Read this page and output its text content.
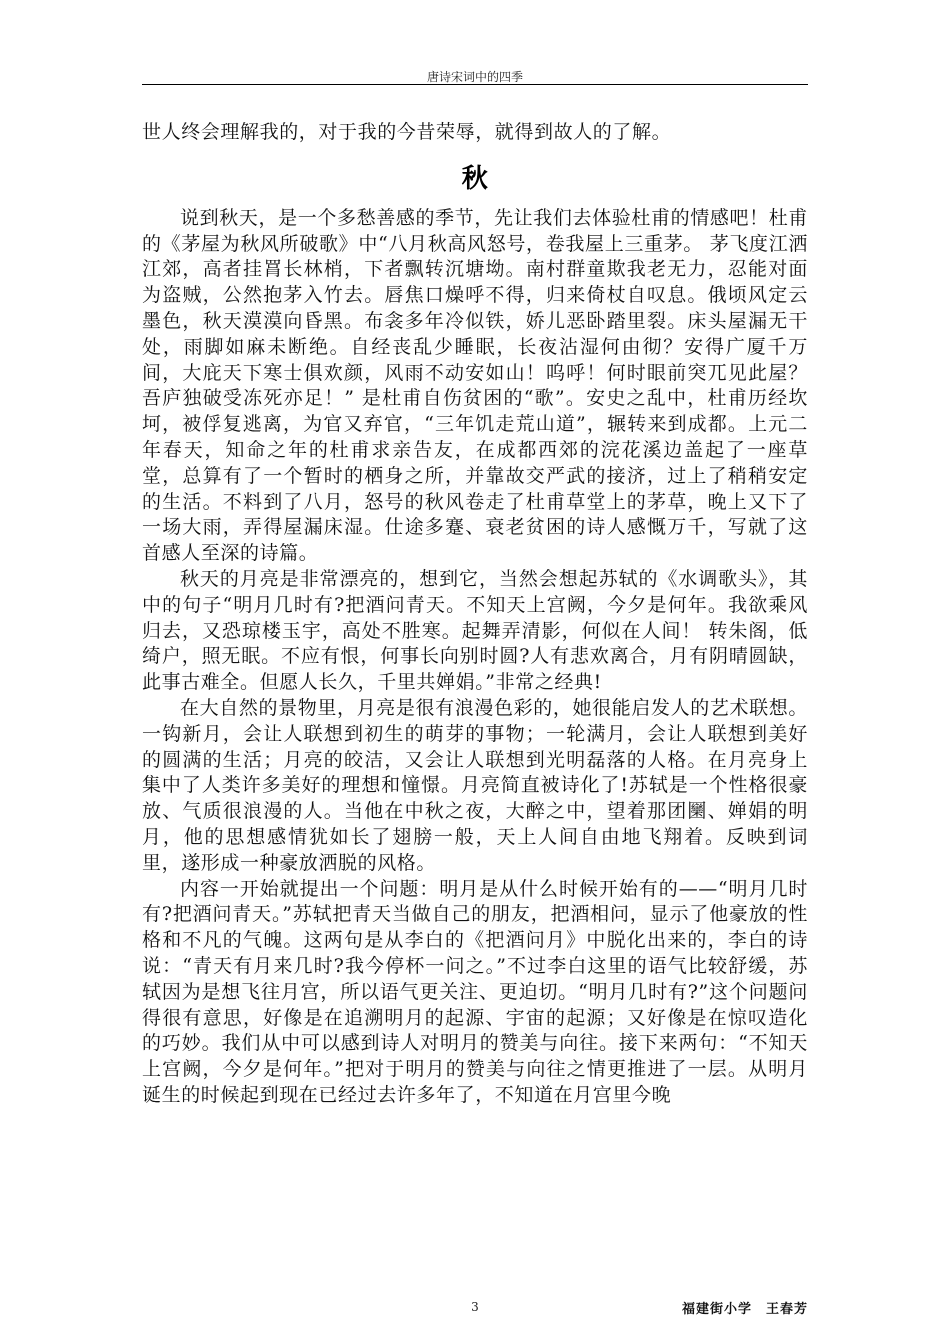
唐诗宋词中的四季

世人终会理解我的，对于我的今昔荣辱，就得到故人的了解。

秋

说到秋天，是一个多愁善感的季节，先让我们去体验杜甫的情感吧！杜甫的《茅屋为秋风所破歌》中“八月秋高风怒号，卷我屋上三重茅。 茅飞度江洒江郊，高者挂罥长林梢，下者飘转沉塘坳。南村群童欺我老无力，忍能对面为盗贼，公然抱茅入竹去。唇焦口燥呼不得，归来倚杖自叹息。俄顷风定云墨色，秋天漠漠向昏黑。布衾多年冷似铁，娇儿恶卧踏里裂。床头屋漏无干处，雨脚如麻未断绝。自经丧乱少睡眠，长夜沾湿何由彻？安得广厦千万间，大庇天下寒士俱欢颜，风雨不动安如山！呜呼！何时眼前突兀见此屋？吾庐独破受冻死亦足！” 是杜甫自伤贫困的“歌”。安史之乱中，杜甫历经坎坷，被俘复逃离，为官又弃官，“三年饥走荒山道”，辗转来到成都。上元二年春天，知命之年的杜甫求亲告友，在成都西郊的浣花溪边盖起了一座草堂，总算有了一个暂时的栖身之所，并靠故交严武的接济，过上了稍稍安定的生活。不料到了八月，怒号的秋风卷走了杜甫草堂上的茅草，晚上又下了一场大雨，弄得屋漏床湿。仕途多蹇、衰老贫困的诗人感慨万千，写就了这首感人至深的诗篇。

秋天的月亮是非常漂亮的，想到它，当然会想起苏轼的《水调歌头》，其中的句子“明月几时有?把酒问青天。不知天上宫阙，今夕是何年。我欲乘风归去，又恐琼楼玉宇，高处不胜寒。起舞弄清影，何似在人间！ 转朱阁，低绮户，照无眠。不应有恨，何事长向别时圆?人有悲欢离合，月有阴晴圆缺，此事古难全。但愿人长久，千里共婵娟。”非常之经典!

在大自然的景物里，月亮是很有浪漫色彩的，她很能启发人的艺术联想。一钩新月，会让人联想到初生的萌芽的事物；一轮满月，会让人联想到美好的圆满的生活；月亮的皎洁，又会让人联想到光明磊落的人格。在月亮身上集中了人类许多美好的理想和憧憬。月亮简直被诗化了!苏轼是一个性格很豪放、气质很浪漫的人。当他在中秋之夜，大醉之中，望着那团圞、婵娟的明月，他的思想感情犹如长了翅膀一般，天上人间自由地飞翔着。反映到词里，遂形成一种豪放洒脱的风格。

内容一开始就提出一个问题：明月是从什么时候开始有的——“明月几时有?把酒问青天。”苏轼把青天当做自己的朋友，把酒相问，显示了他豪放的性格和不凡的气魄。这两句是从李白的《把酒问月》中脱化出来的，李白的诗说：“青天有月来几时?我今停杯一问之。”不过李白这里的语气比较舒缓，苏轼因为是想飞往月宫，所以语气更关注、更迫切。“明月几时有?”这个问题问得很有意思，好像是在追溯明月的起源、宇宙的起源；又好像是在惊叹造化的巧妙。我们从中可以感到诗人对明月的赞美与向往。接下来两句：“不知天上宫阙，今夕是何年。”把对于明月的赞美与向往之情更推进了一层。从明月诞生的时候起到现在已经过去许多年了，不知道在月宫里今晚

3	福建街小学　王春芳
